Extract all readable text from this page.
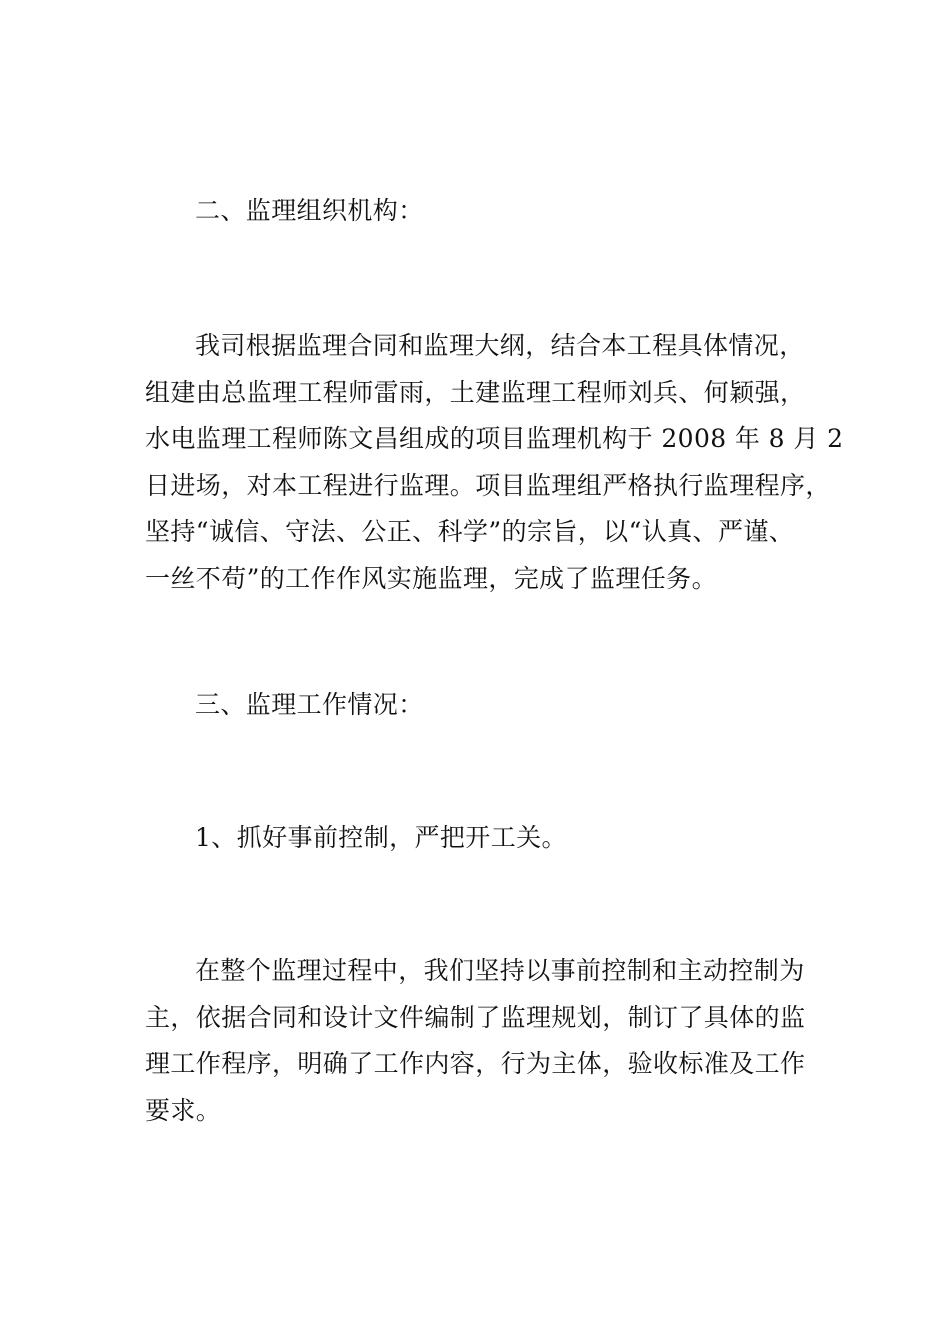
二、监理组织机构：
我司根据监理合同和监理大纲，结合本工程具体情况，
组建由总监理工程师雷雨，土建监理工程师刘兵、何颖强，
水电监理工程师陈文昌组成的项目监理机构于 2008 年 8 月 2
日进场，对本工程进行监理。项目监理组严格执行监理程序，
坚持“诚信、守法、公正、科学”的宗旨，以“认真、严谨、
一丝不苟”的工作作风实施监理，完成了监理任务。
三、监理工作情况：
1、抓好事前控制，严把开工关。
在整个监理过程中，我们坚持以事前控制和主动控制为
主，依据合同和设计文件编制了监理规划，制订了具体的监
理工作程序，明确了工作内容，行为主体，验收标准及工作
要求。
